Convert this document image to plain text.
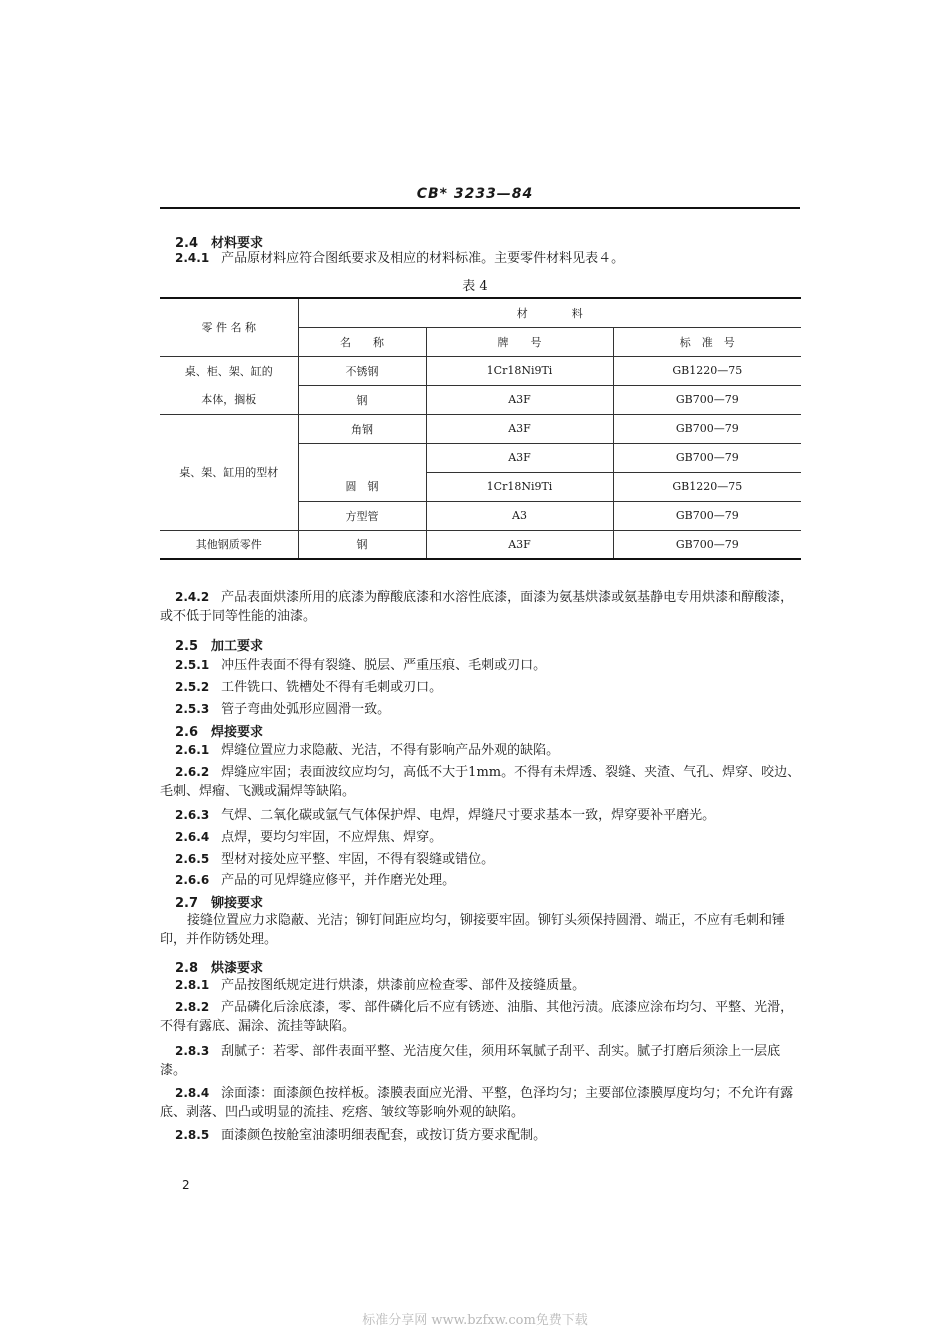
CB* 3233—84
2.4 材料要求
2.4.1 产品原材料应符合图纸要求及相应的材料标准。主要零件材料见表４。
表 4
零 件 名 称	材　　　　料		
	名　　称	牌　　号	标　准　号
桌、柜、架、缸的	不锈钢	1Cr18Ni9Ti	GB1220—75
本体，搁板	钢	A3F	GB700—79
桌、架、缸用的型材	角钢	A3F	GB700—79
	圆　钢	A3F	GB700—79
		1Cr18Ni9Ti	GB1220—75
	方型管	A3	GB700—79
其他钢质零件	钢	A3F	GB700—79
2.4.2 产品表面烘漆所用的底漆为醇酸底漆和水溶性底漆，面漆为氨基烘漆或氨基静电专用烘漆和醇酸漆，或不低于同等性能的油漆。
2.5 加工要求
2.5.1 冲压件表面不得有裂缝、脱层、严重压痕、毛刺或刃口。
2.5.2 工件铣口、铣槽处不得有毛刺或刃口。
2.5.3 管子弯曲处弧形应圆滑一致。
2.6 焊接要求
2.6.1 焊缝位置应力求隐蔽、光洁，不得有影响产品外观的缺陷。
2.6.2 焊缝应牢固；表面波纹应均匀，高低不大于1mm。不得有未焊透、裂缝、夹渣、气孔、焊穿、咬边、毛刺、焊瘤、飞溅或漏焊等缺陷。
2.6.3 气焊、二氧化碳或氩气气体保护焊、电焊，焊缝尺寸要求基本一致，焊穿要补平磨光。
2.6.4 点焊，要均匀牢固，不应焊焦、焊穿。
2.6.5 型材对接处应平整、牢固，不得有裂缝或错位。
2.6.6 产品的可见焊缝应修平，并作磨光处理。
2.7 铆接要求
接缝位置应力求隐蔽、光洁；铆钉间距应均匀，铆接要牢固。铆钉头须保持圆滑、端正，不应有毛刺和锤印，并作防锈处理。
2.8 烘漆要求
2.8.1 产品按图纸规定进行烘漆，烘漆前应检查零、部件及接缝质量。
2.8.2 产品磷化后涂底漆，零、部件磷化后不应有锈迹、油脂、其他污渍。底漆应涂布均匀、平整、光滑，不得有露底、漏涂、流挂等缺陷。
2.8.3 刮腻子：若零、部件表面平整、光洁度欠佳，须用环氧腻子刮平、刮实。腻子打磨后须涂上一层底漆。
2.8.4 涂面漆：面漆颜色按样板。漆膜表面应光滑、平整，色泽均匀；主要部位漆膜厚度均匀；不允许有露底、剥落、凹凸或明显的流挂、疙瘩、皱纹等影响外观的缺陷。
2.8.5 面漆颜色按舱室油漆明细表配套，或按订货方要求配制。
2
标准分享网 www.bzfxw.com免费下载
